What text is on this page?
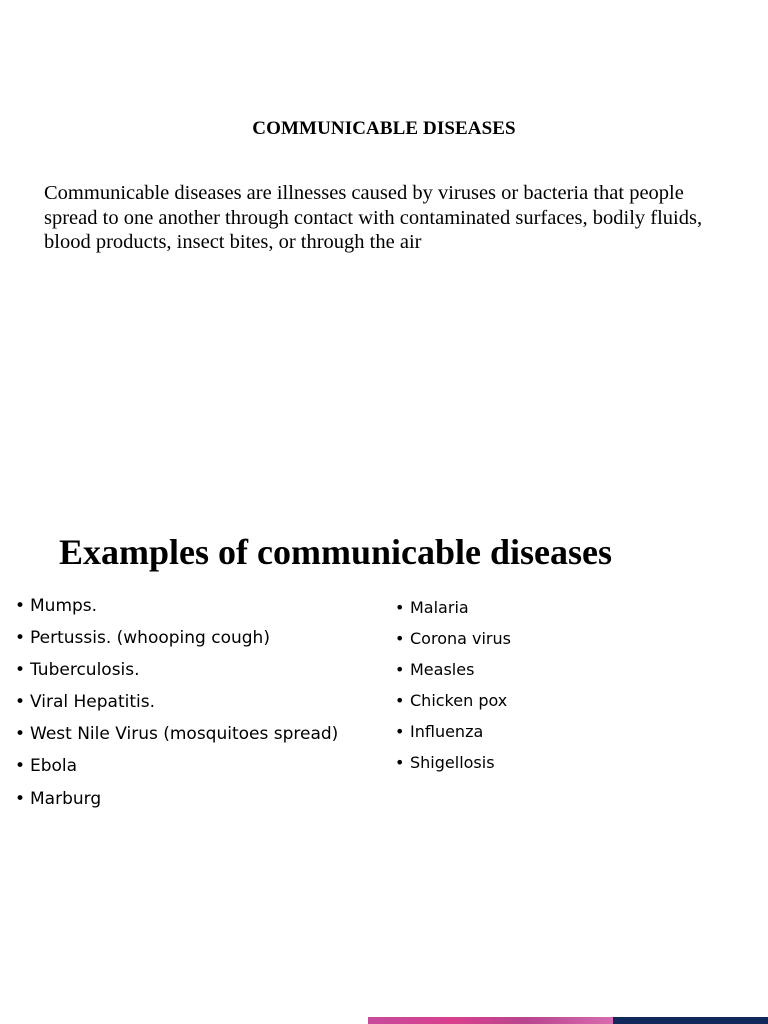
COMMUNICABLE DISEASES
Communicable diseases are illnesses caused by viruses or bacteria that people spread to one another through contact with contaminated surfaces, bodily fluids, blood products, insect bites, or through the air
Examples of communicable diseases
• Mumps.
• Pertussis. (whooping cough)
• Tuberculosis.
• Viral Hepatitis.
• West Nile Virus (mosquitoes spread)
• Ebola
• Marburg
• Malaria
• Corona virus
• Measles
• Chicken pox
• Influenza
• Shigellosis
